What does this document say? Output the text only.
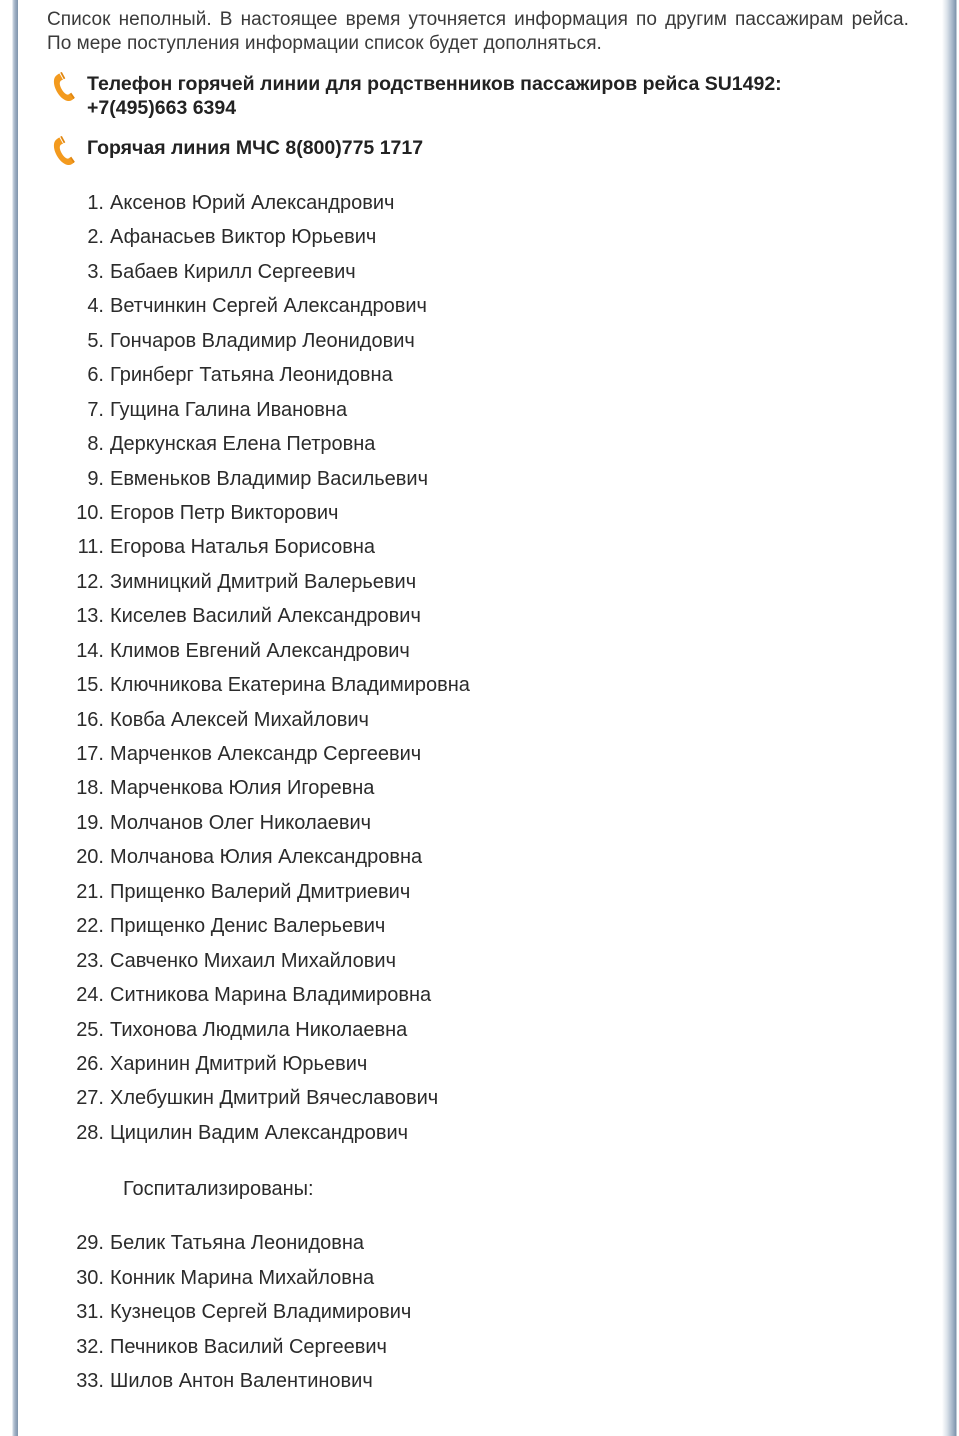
Список неполный. В настоящее время уточняется информация по другим пассажирам рейса. По мере поступления информации список будет дополняться.

Телефон горячей линии для родственников пассажиров рейса SU1492:
+7(495)663 6394
Горячая линия МЧС 8(800)775 1717
1. Аксенов Юрий Александрович
2. Афанасьев Виктор Юрьевич
3. Бабаев Кирилл Сергеевич
4. Ветчинкин Сергей Александрович
5. Гончаров Владимир Леонидович
6. Гринберг Татьяна Леонидовна
7. Гущина Галина Ивановна
8. Деркунская Елена Петровна
9. Евменьков Владимир Васильевич
10. Егоров Петр Викторович
11. Егорова Наталья Борисовна
12. Зимницкий Дмитрий Валерьевич
13. Киселев Василий Александрович
14. Климов Евгений Александрович
15. Ключникова Екатерина Владимировна
16. Ковба Алексей Михайлович
17. Марченков Александр Сергеевич
18. Марченкова Юлия Игоревна
19. Молчанов Олег Николаевич
20. Молчанова Юлия Александровна
21. Прищенко Валерий Дмитриевич
22. Прищенко Денис Валерьевич
23. Савченко Михаил Михайлович
24. Ситникова Марина Владимировна
25. Тихонова Людмила Николаевна
26. Харинин Дмитрий Юрьевич
27. Хлебушкин Дмитрий Вячеславович
28. Цицилин Вадим Александрович
Госпитализированы:
29. Белик Татьяна Леонидовна
30. Конник Марина Михайловна
31. Кузнецов Сергей Владимирович
32. Печников Василий Сергеевич
33. Шилов Антон Валентинович
